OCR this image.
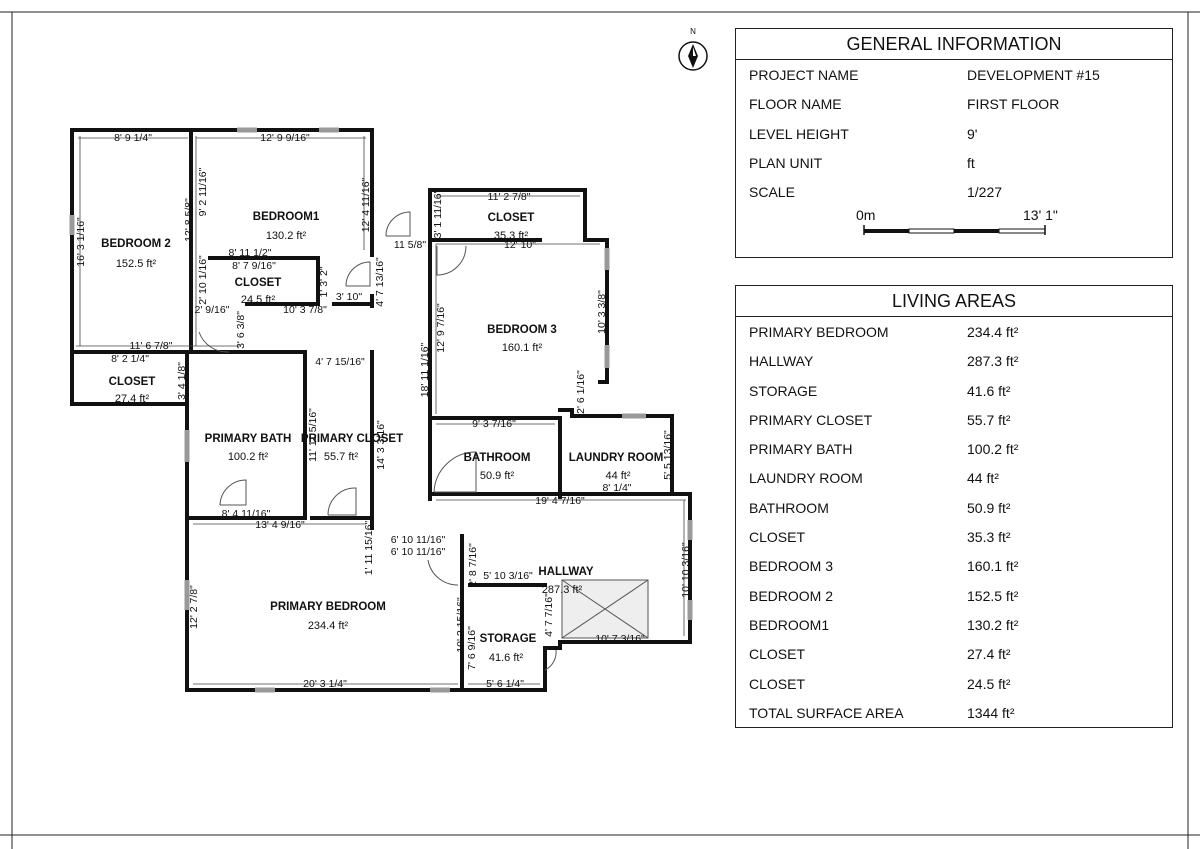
N
BEDROOM 2
152.5 ft²
BEDROOM1
130.2 ft²
CLOSET
24.5 ft²
CLOSET
35.3 ft²
BEDROOM 3
160.1 ft²
CLOSET
27.4 ft²
PRIMARY BATH
100.2 ft²
PRIMARY CLOSET
55.7 ft²	BATHROOM
50.9 ft²
LAUNDRY ROOM
44 ft²
HALLWAY
287.3 ft²
PRIMARY BEDROOM
234.4 ft²
STORAGE
41.6 ft²
8' 9 1/4"	12' 9 9/16"
16' 3 1/16"	12' 8 5/8"
9' 2 11/16"	12' 4 11/16"
8' 11 1/2"
8' 7 9/16"
1' 3' 2"
2' 10 1/16"
2' 9/16"	10' 3 7/8"
3' 10" 4' 7 13/16"
3' 6 3/8"
11' 6 7/8"
8' 2 1/4"
3' 4 1/8"
11' 2 7/8"
3' 1 11/16"
11 5/8"	12' 10"
12' 9 7/16"
18' 11 1/16"
10' 3 3/8"
2' 6 1/16"
9' 3 7/16"
4' 7 15/16"
11' 11 5/16"	14' 3 3/16"	5' 5 13/16"
8' 1/4"
19' 4 7/16"
8' 4 11/16"
13' 4 9/16"	1' 11 15/16" 6' 10 11/16"
6' 10 11/16" 2' 8 7/16" 5' 10 3/16"
4' 7 7/16"
10' 10 3/16"
12' 2 7/8"	10' 2 15/16" 7' 6 9/16"	10' 7 3/16"
20' 3 1/4"	5' 6 1/4"
GENERAL INFORMATION
PROJECT NAME	DEVELOPMENT #15
FLOOR NAME	FIRST FLOOR
LEVEL HEIGHT	9'
PLAN UNIT	ft
SCALE	1/227
0m	13' 1"
LIVING AREAS
PRIMARY BEDROOM	234.4 ft²
HALLWAY	287.3 ft²
STORAGE	41.6 ft²
PRIMARY CLOSET	55.7 ft²
PRIMARY BATH	100.2 ft²
LAUNDRY ROOM	44 ft²
BATHROOM	50.9 ft²
CLOSET	35.3 ft²
BEDROOM 3	160.1 ft²
BEDROOM 2	152.5 ft²
BEDROOM1	130.2 ft²
CLOSET	27.4 ft²
CLOSET	24.5 ft²
TOTAL SURFACE AREA	1344 ft²
